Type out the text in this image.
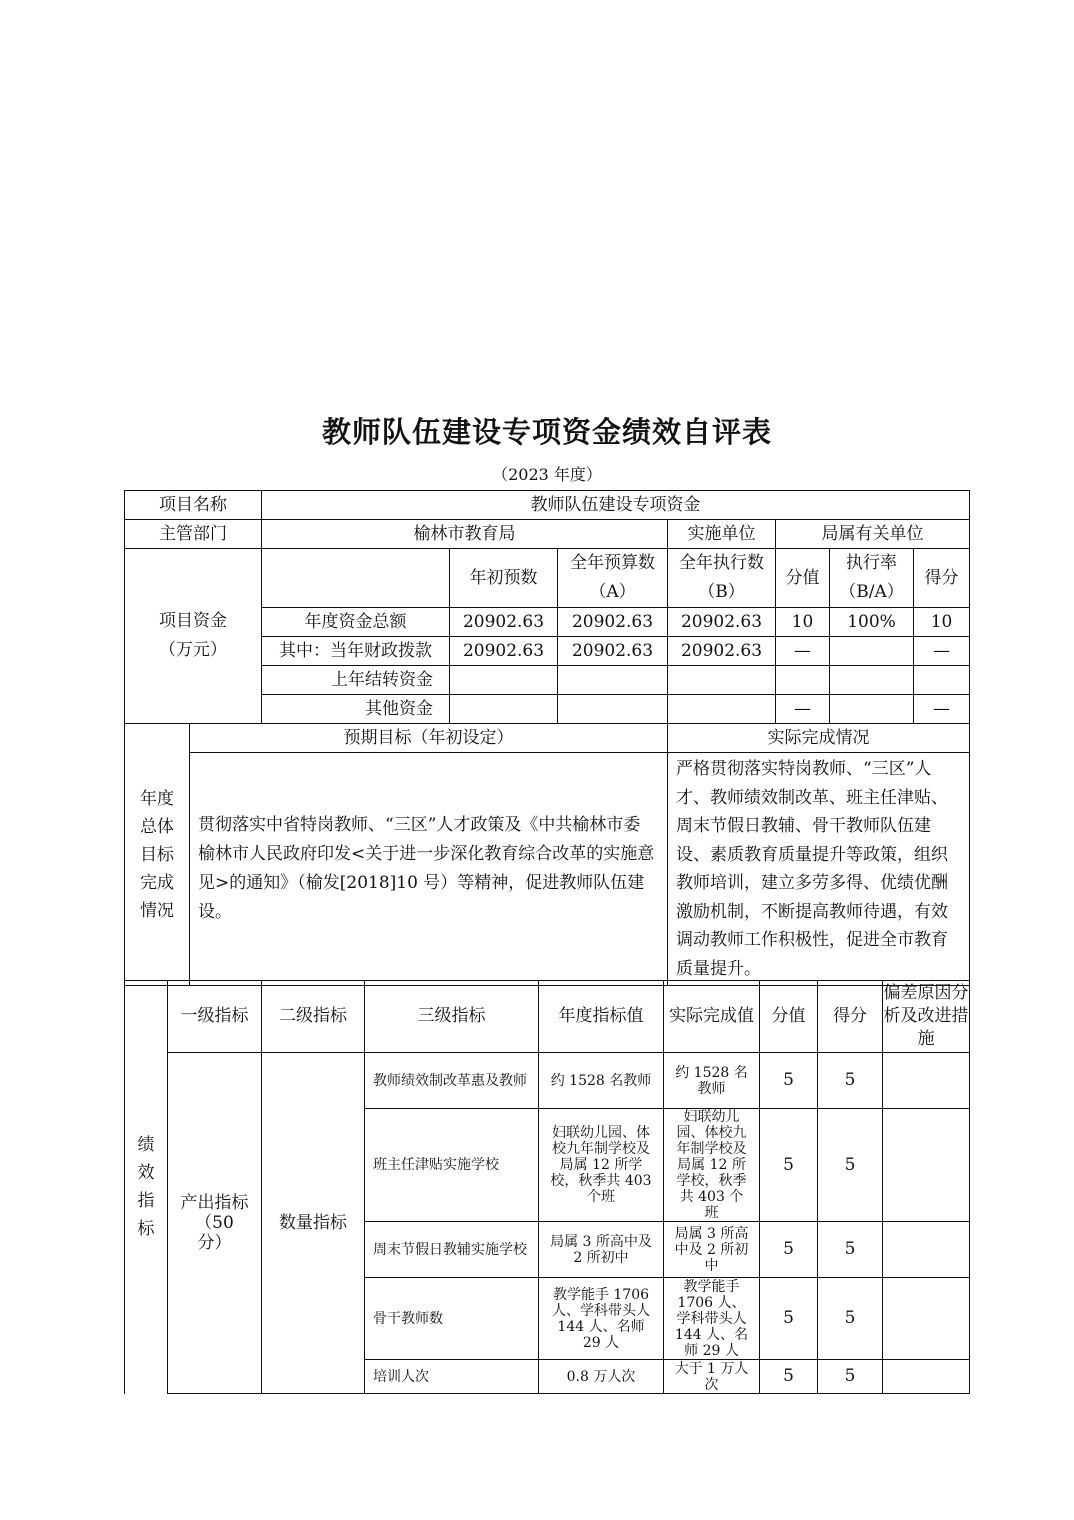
教师队伍建设专项资金绩效自评表
（2023 年度）
项目名称		教师队伍建设专项资金						
主管部门		榆林市教育局			实施单位	局属有关单位		

项目资金
（万元）			年初预数	全年预算数（A）	全年执行数（B）	分值	执行率（B/A）	得分
		年度资金总额	20902.63	20902.63	20902.63	10	100%	10
		其中：当年财政拨款	20902.63	20902.63	20902.63	—		—
		上年结转资金						
		其他资金				—		—
年度总体目标完成情况	预期目标（年初设定）				实际完成情况			
	贯彻落实中省特岗教师、“三区”人才政策及《中共榆林市委 榆林市人民政府印发<关于进一步深化教育综合改革的实施意见>的通知》（榆发[2018]10 号）等精神，促进教师队伍建设。				严格贯彻落实特岗教师、“三区”人才、教师绩效制改革、班主任津贴、周末节假日教辅、骨干教师队伍建设、素质教育质量提升等政策，组织教师培训，建立多劳多得、优绩优酬激励机制，不断提高教师待遇，有效调动教师工作积极性，促进全市教育质量提升。			
绩效指标	一级指标	二级指标	三级指标	年度指标值	实际完成值	分值	得分	偏差原因分析及改进措施
	产出指标（50 分）	数量指标	教师绩效制改革惠及教师	约 1528 名教师	约 1528 名教师	5	5	
			班主任津贴实施学校	妇联幼儿园、体校九年制学校及局属 12 所学校，秋季共 403 个班	妇联幼儿园、体校九年制学校及局属 12 所学校，秋季共 403 个班	5	5	
			周末节假日教辅实施学校	局属 3 所高中及 2 所初中	局属 3 所高中及 2 所初中	5	5	
			骨干教师数	教学能手 1706 人、学科带头人 144 人、名师 29 人	教学能手 1706 人、学科带头人 144 人、名师 29 人	5	5	
			培训人次	0.8 万人次	大于 1 万人次	5	5	
